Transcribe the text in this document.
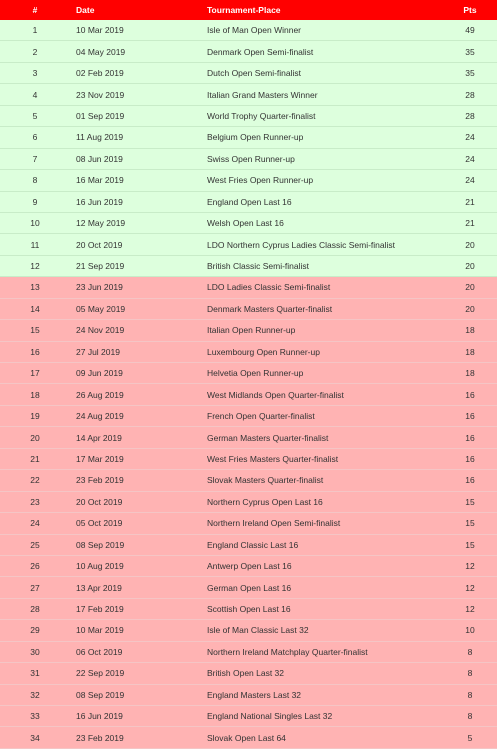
#	Date	Tournament-Place	Pts
1	10 Mar 2019	Isle of Man Open Winner	49
2	04 May 2019	Denmark Open Semi-finalist	35
3	02 Feb 2019	Dutch Open Semi-finalist	35
4	23 Nov 2019	Italian Grand Masters Winner	28
5	01 Sep 2019	World Trophy Quarter-finalist	28
6	11 Aug 2019	Belgium Open Runner-up	24
7	08 Jun 2019	Swiss Open Runner-up	24
8	16 Mar 2019	West Fries Open Runner-up	24
9	16 Jun 2019	England Open Last 16	21
10	12 May 2019	Welsh Open Last 16	21
11	20 Oct 2019	LDO Northern Cyprus Ladies Classic Semi-finalist	20
12	21 Sep 2019	British Classic Semi-finalist	20
13	23 Jun 2019	LDO Ladies Classic Semi-finalist	20
14	05 May 2019	Denmark Masters Quarter-finalist	20
15	24 Nov 2019	Italian Open Runner-up	18
16	27 Jul 2019	Luxembourg Open Runner-up	18
17	09 Jun 2019	Helvetia Open Runner-up	18
18	26 Aug 2019	West Midlands Open Quarter-finalist	16
19	24 Aug 2019	French Open Quarter-finalist	16
20	14 Apr 2019	German Masters Quarter-finalist	16
21	17 Mar 2019	West Fries Masters Quarter-finalist	16
22	23 Feb 2019	Slovak Masters Quarter-finalist	16
23	20 Oct 2019	Northern Cyprus Open Last 16	15
24	05 Oct 2019	Northern Ireland Open Semi-finalist	15
25	08 Sep 2019	England Classic Last 16	15
26	10 Aug 2019	Antwerp Open Last 16	12
27	13 Apr 2019	German Open Last 16	12
28	17 Feb 2019	Scottish Open Last 16	12
29	10 Mar 2019	Isle of Man Classic Last 32	10
30	06 Oct 2019	Northern Ireland Matchplay Quarter-finalist	8
31	22 Sep 2019	British Open Last 32	8
32	08 Sep 2019	England Masters Last 32	8
33	16 Jun 2019	England National Singles Last 32	8
34	23 Feb 2019	Slovak Open Last 64	5
